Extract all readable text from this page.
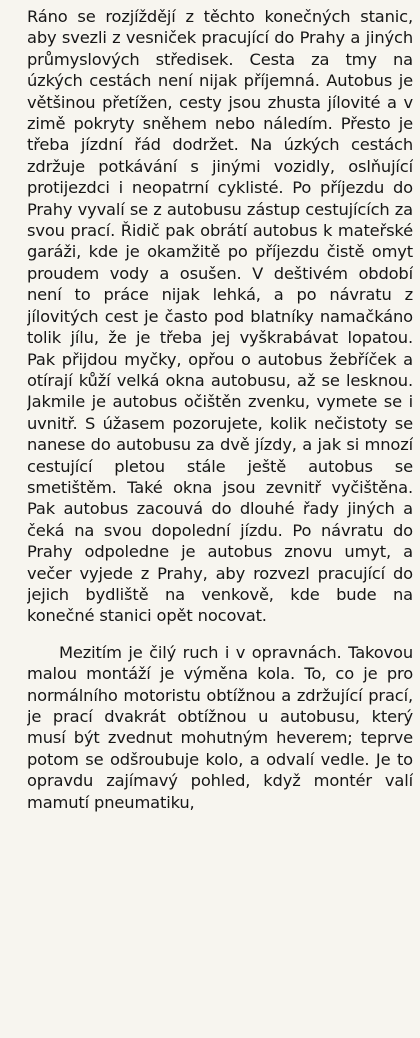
Ráno se rozjíždějí z těchto konečných stanic, aby svezli z vesniček pracující do Prahy a jiných průmyslových středisek. Cesta za tmy na úzkých cestách není nijak příjemná. Autobus je většinou přetížen, cesty jsou zhusta jílovité a v zimě pokryty sněhem nebo náledím. Přesto je třeba jízdní řád dodržet. Na úzkých cestách zdržuje potkávání s jinými vozidly, oslňující protijezdci i neopatrní cyklisté. Po příjezdu do Prahy vyvalí se z autobusu zástup cestujících za svou prací. Řidič pak obrátí autobus k mateřské garáži, kde je okamžitě po příjezdu čistě omyt proudem vody a osušen. V deštivém období není to práce nijak lehká, a po návratu z jílovitých cest je často pod blatníky namačkáno tolik jílu, že je třeba jej vyškrabávat lopatou. Pak přijdou myčky, opřou o autobus žebříček a otírají kůží velká okna autobusu, až se lesknou. Jakmile je autobus očištěn zvenku, vymete se i uvnitř. S úžasem pozorujete, kolik nečistoty se nanese do autobusu za dvě jízdy, a jak si mnozí cestující pletou stále ještě autobus se smetištěm. Také okna jsou zevnitř vyčištěna. Pak autobus zacouvá do dlouhé řady jiných a čeká na svou dopolední jízdu. Po návratu do Prahy odpoledne je autobus znovu umyt, a večer vyjede z Prahy, aby rozvezl pracující do jejich bydliště na venkově, kde bude na konečné stanici opět nocovat.

Mezitím je čilý ruch i v opravnách. Takovou malou montáží je výměna kola. To, co je pro normálního motoristu obtížnou a zdržující prací, je prací dvakrát obtížnou u autobusu, který musí být zvednut mohutným heverem; teprve potom se odšroubuje kolo, a odvalí vedle. Je to opravdu zajímavý pohled, když montér valí mamutí pneumatiku,
